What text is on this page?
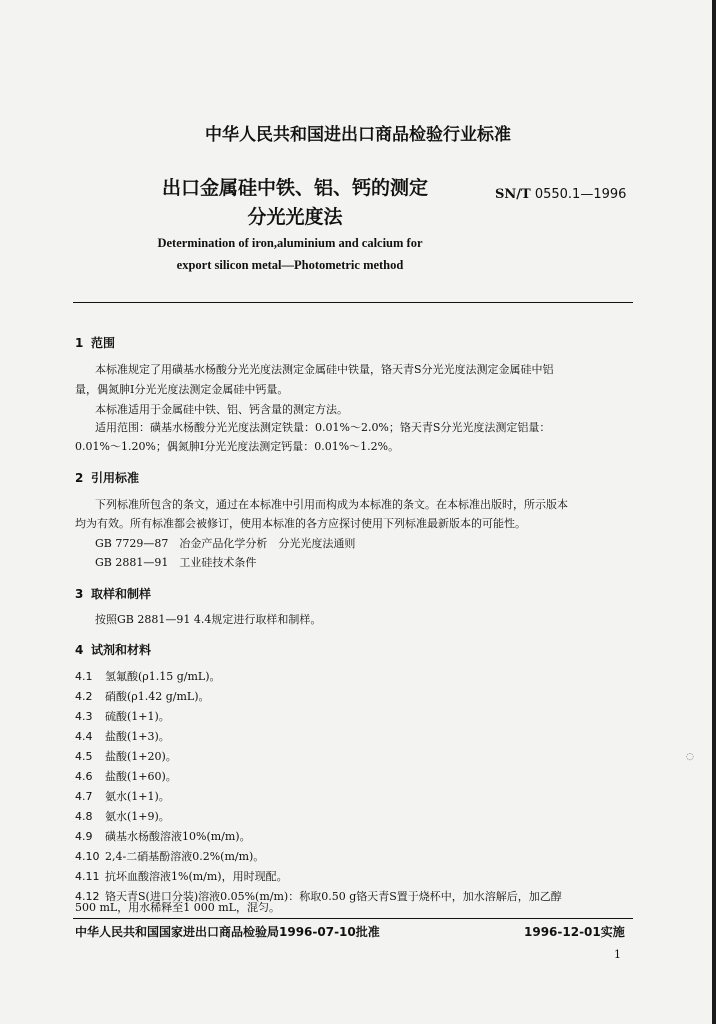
中华人民共和国进出口商品检验行业标准
出口金属硅中铁、铝、钙的测定
分光光度法
SN/T 0550.1—1996
Determination of iron,aluminium and calcium for
export silicon metal—Photometric method
1 范围
本标准规定了用磺基水杨酸分光光度法测定金属硅中铁量，铬天青S分光光度法测定金属硅中铝
量，偶氮胂I分光光度法测定金属硅中钙量。
本标准适用于金属硅中铁、铝、钙含量的测定方法。
适用范围：磺基水杨酸分光光度法测定铁量：0.01%～2.0%；铬天青S分光光度法测定铝量：
0.01%～1.20%；偶氮胂I分光光度法测定钙量：0.01%～1.2%。
2 引用标准
下列标准所包含的条文，通过在本标准中引用而构成为本标准的条文。在本标准出版时，所示版本
均为有效。所有标准都会被修订，使用本标准的各方应探讨使用下列标准最新版本的可能性。
GB 7729—87　冶金产品化学分析　分光光度法通则
GB 2881—91　工业硅技术条件
3 取样和制样
按照GB 2881—91 4.4规定进行取样和制样。
4 试剂和材料
4.1 氢氟酸(ρ1.15 g/mL)。
4.2 硝酸(ρ1.42 g/mL)。
4.3 硫酸(1+1)。
4.4 盐酸(1+3)。
4.5 盐酸(1+20)。
4.6 盐酸(1+60)。
4.7 氨水(1+1)。
4.8 氨水(1+9)。
4.9 磺基水杨酸溶液10%(m/m)。
4.10 2,4-二硝基酚溶液0.2%(m/m)。
4.11 抗坏血酸溶液1%(m/m)，用时现配。
4.12 铬天青S(进口分装)溶液0.05%(m/m)：称取0.50 g铬天青S置于烧杯中，加水溶解后，加乙醇
500 mL，用水稀释至1 000 mL，混匀。
中华人民共和国国家进出口商品检验局1996-07-10批准	1996-12-01实施
1
◌
